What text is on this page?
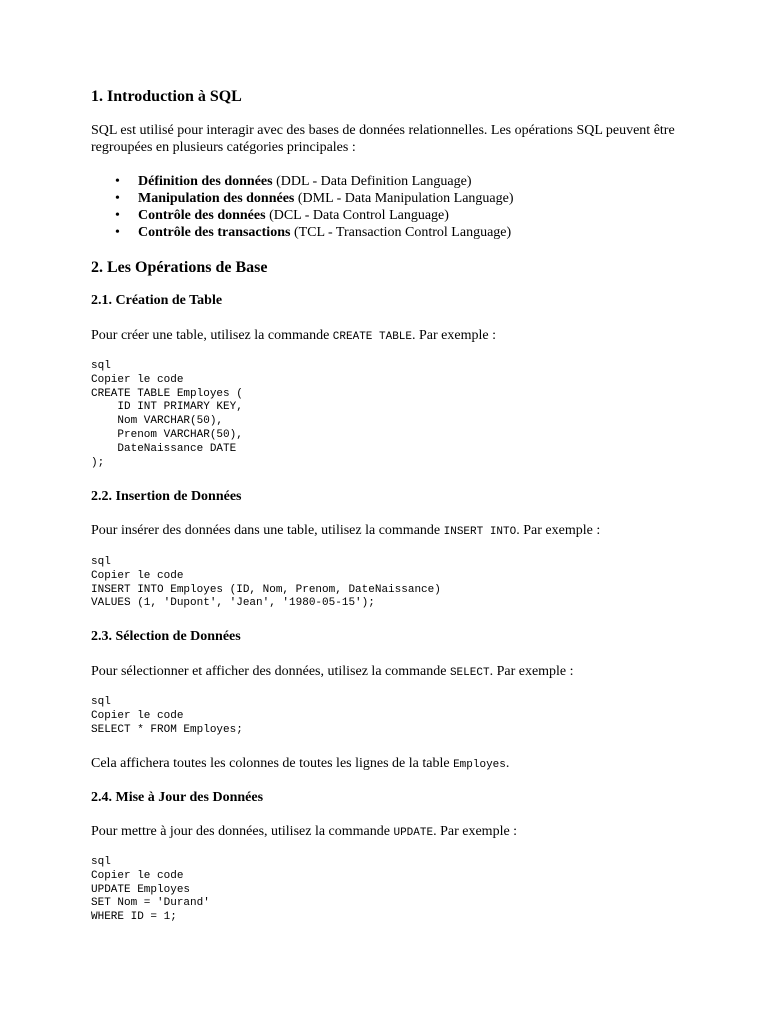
1. Introduction à SQL

SQL est utilisé pour interagir avec des bases de données relationnelles. Les opérations SQL peuvent être regroupées en plusieurs catégories principales :

• Définition des données (DDL - Data Definition Language)
• Manipulation des données (DML - Data Manipulation Language)
• Contrôle des données (DCL - Data Control Language)
• Contrôle des transactions (TCL - Transaction Control Language)
2. Les Opérations de Base
2.1. Création de Table

Pour créer une table, utilisez la commande CREATE TABLE. Par exemple :

sql
Copier le code
CREATE TABLE Employes (
ID INT PRIMARY KEY,
Nom VARCHAR(50),
Prenom VARCHAR(50),
DateNaissance DATE
);
2.2. Insertion de Données

Pour insérer des données dans une table, utilisez la commande INSERT INTO. Par exemple :

sql
Copier le code
INSERT INTO Employes (ID, Nom, Prenom, DateNaissance)
VALUES (1, 'Dupont', 'Jean', '1980-05-15');
2.3. Sélection de Données

Pour sélectionner et afficher des données, utilisez la commande SELECT. Par exemple :

sql
Copier le code
SELECT * FROM Employes;

Cela affichera toutes les colonnes de toutes les lignes de la table Employes.

2.4. Mise à Jour des Données

Pour mettre à jour des données, utilisez la commande UPDATE. Par exemple :

sql
Copier le code
UPDATE Employes
SET Nom = 'Durand'
WHERE ID = 1;
